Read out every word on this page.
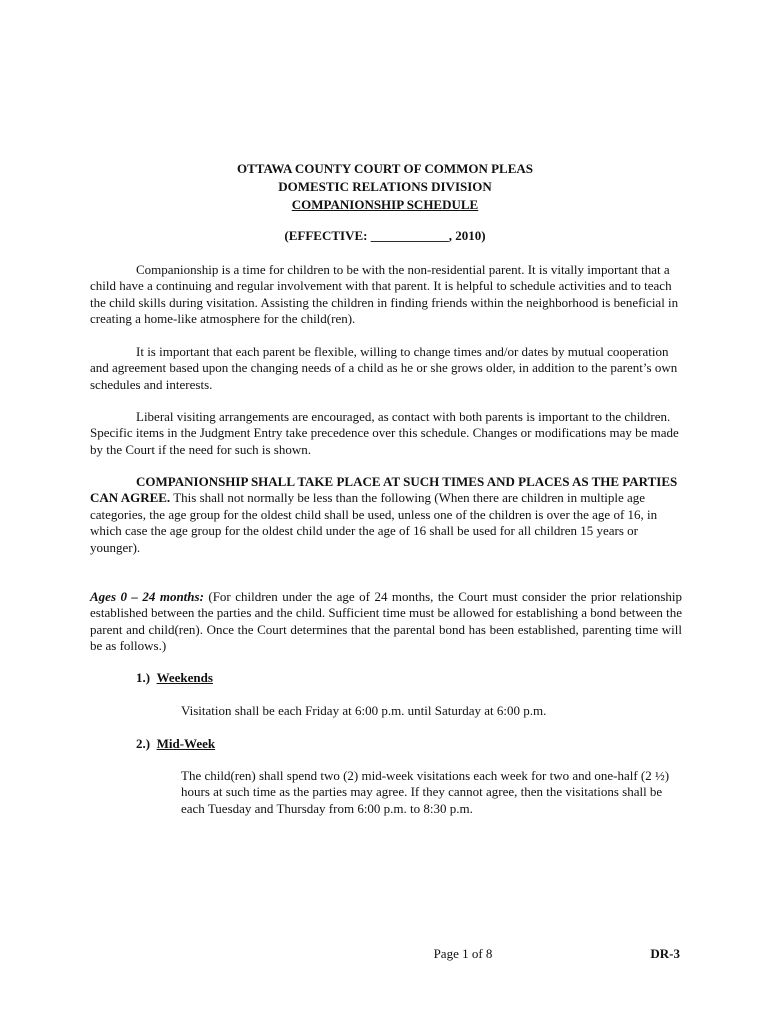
OTTAWA COUNTY COURT OF COMMON PLEAS
DOMESTIC RELATIONS DIVISION
COMPANIONSHIP SCHEDULE
(EFFECTIVE: ____________, 2010)
Companionship is a time for children to be with the non-residential parent. It is vitally important that a child have a continuing and regular involvement with that parent. It is helpful to schedule activities and to teach the child skills during visitation. Assisting the children in finding friends within the neighborhood is beneficial in creating a home-like atmosphere for the child(ren).
It is important that each parent be flexible, willing to change times and/or dates by mutual cooperation and agreement based upon the changing needs of a child as he or she grows older, in addition to the parent’s own schedules and interests.
Liberal visiting arrangements are encouraged, as contact with both parents is important to the children. Specific items in the Judgment Entry take precedence over this schedule. Changes or modifications may be made by the Court if the need for such is shown.
COMPANIONSHIP SHALL TAKE PLACE AT SUCH TIMES AND PLACES AS THE PARTIES CAN AGREE. This shall not normally be less than the following (When there are children in multiple age categories, the age group for the oldest child shall be used, unless one of the children is over the age of 16, in which case the age group for the oldest child under the age of 16 shall be used for all children 15 years or younger).
Ages 0 – 24 months: (For children under the age of 24 months, the Court must consider the prior relationship established between the parties and the child. Sufficient time must be allowed for establishing a bond between the parent and child(ren). Once the Court determines that the parental bond has been established, parenting time will be as follows.)
1.) Weekends
Visitation shall be each Friday at 6:00 p.m. until Saturday at 6:00 p.m.
2.) Mid-Week
The child(ren) shall spend two (2) mid-week visitations each week for two and one-half (2 ½) hours at such time as the parties may agree. If they cannot agree, then the visitations shall be each Tuesday and Thursday from 6:00 p.m. to 8:30 p.m.
Page 1 of 8	DR-3
